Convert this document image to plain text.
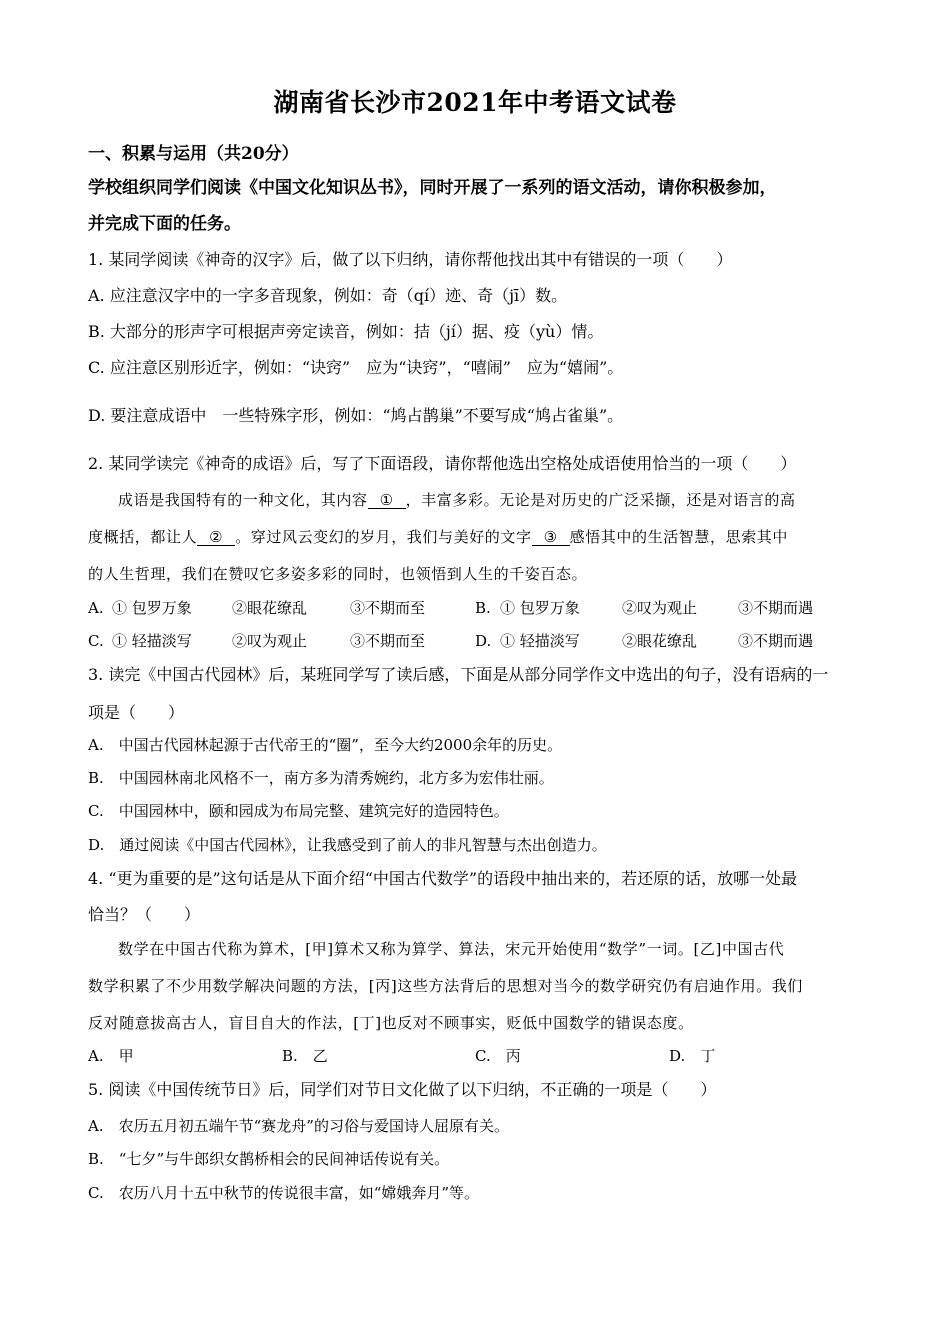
湖南省长沙市2021年中考语文试卷
一、积累与运用（共20分）
学校组织同学们阅读《中国文化知识丛书》，同时开展了一系列的语文活动，请你积极参加，
并完成下面的任务。
1. 某同学阅读《神奇的汉字》后，做了以下归纳，请你帮他找出其中有错误的一项（　　）
A. 应注意汉字中的一字多音现象，例如：奇（qí）迹、奇（jī）数。
B. 大部分的形声字可根据声旁定读音，例如：拮（jí）据、疫（yù）情。
C. 应注意区别形近字，例如：“诀窍”　应为“诀窍”，“嘻闹”　应为“嬉闹”。
D. 要注意成语中　一些特殊字形，例如：“鸠占鹊巢”不要写成“鸠占雀巢”。
2. 某同学读完《神奇的成语》后，写了下面语段，请你帮他选出空格处成语使用恰当的一项（　　）
成语是我国特有的一种文化，其内容 ① ，丰富多彩。无论是对历史的广泛采撷，还是对语言的高
度概括，都让人 ② 。穿过风云变幻的岁月，我们与美好的文字 ③ 感悟其中的生活智慧，思索其中
的人生哲理，我们在赞叹它多姿多彩的同时，也领悟到人生的千姿百态。
A. ① 包罗万象	②眼花缭乱	③不期而至	B. ① 包罗万象	②叹为观止	③不期而遇
C. ① 轻描淡写	②叹为观止	③不期而至	D. ① 轻描淡写	②眼花缭乱	③不期而遇
3. 读完《中国古代园林》后，某班同学写了读后感，下面是从部分同学作文中选出的句子，没有语病的一
项是（　　）
A.　中国古代园林起源于古代帝王的“圈”，至今大约2000余年的历史。
B.　中国园林南北风格不一，南方多为清秀婉约，北方多为宏伟壮丽。
C.　中国园林中，颐和园成为布局完整、建筑完好的造园特色。
D.　通过阅读《中国古代园林》，让我感受到了前人的非凡智慧与杰出创造力。
4. “更为重要的是”这句话是从下面介绍“中国古代数学”的语段中抽出来的，若还原的话，放哪一处最
恰当？（　　）
数学在中国古代称为算术，[甲]算术又称为算学、算法，宋元开始使用“数学”一词。[乙]中国古代
数学积累了不少用数学解决问题的方法，[丙]这些方法背后的思想对当今的数学研究仍有启迪作用。我们
反对随意拔高古人，盲目自大的作法，[丁]也反对不顾事实，贬低中国数学的错误态度。
A.　甲	B.　乙	C.　丙	D.　丁
5. 阅读《中国传统节日》后，同学们对节日文化做了以下归纳，不正确的一项是（　　）
A.　农历五月初五端午节“赛龙舟”的习俗与爱国诗人屈原有关。
B.　“七夕”与牛郎织女鹊桥相会的民间神话传说有关。
C.　农历八月十五中秋节的传说很丰富，如“嫦娥奔月”等。
